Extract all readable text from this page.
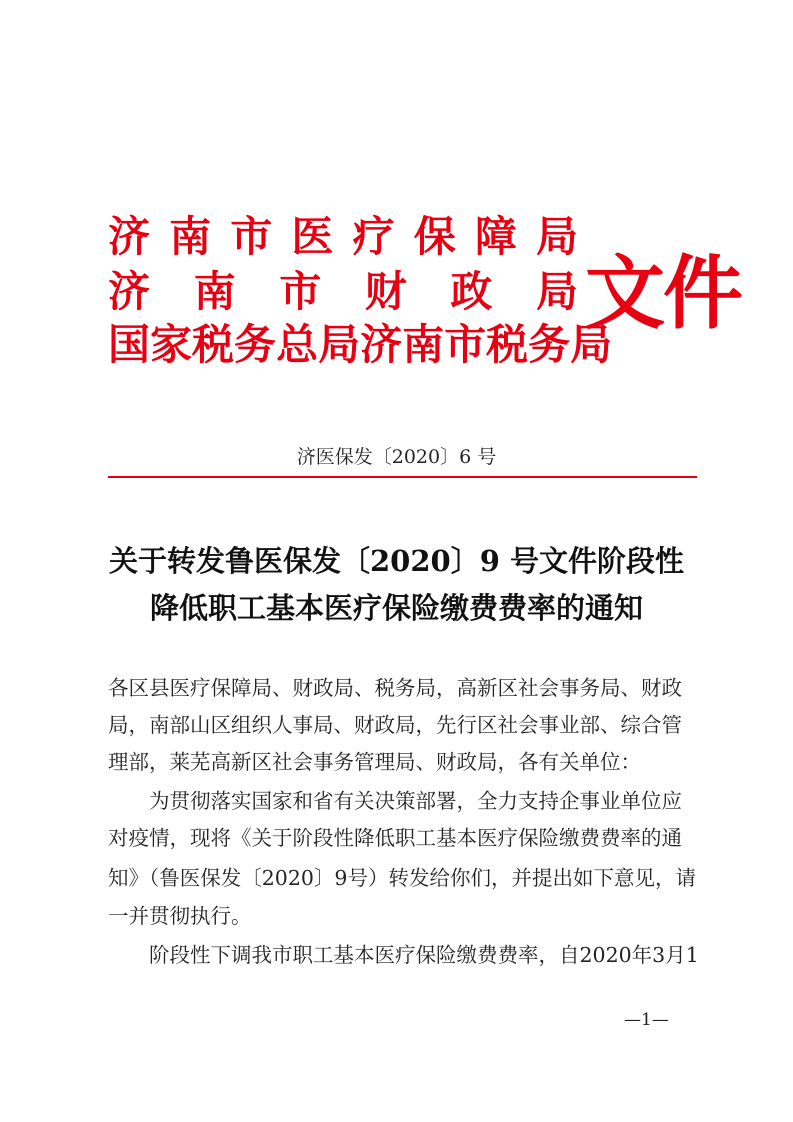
济 南 市 医 疗 保 障 局
济 南 市 财 政 局
国 家 税 务 总 局 济 南 市 税 务 局
文件
济医保发〔2020〕6 号
关于转发鲁医保发〔2020〕9 号文件阶段性
降低职工基本医疗保险缴费费率的通知
各区县医疗保障局、财政局、税务局，高新区社会事务局、财政
局，南部山区组织人事局、财政局，先行区社会事业部、综合管
理部，莱芜高新区社会事务管理局、财政局，各有关单位：
　　为贯彻落实国家和省有关决策部署，全力支持企事业单位应
对疫情，现将《关于阶段性降低职工基本医疗保险缴费费率的通
知》（鲁医保发〔2020〕9号）转发给你们，并提出如下意见，请
一并贯彻执行。
　　阶段性下调我市职工基本医疗保险缴费费率，自2020年3月1
—1—
